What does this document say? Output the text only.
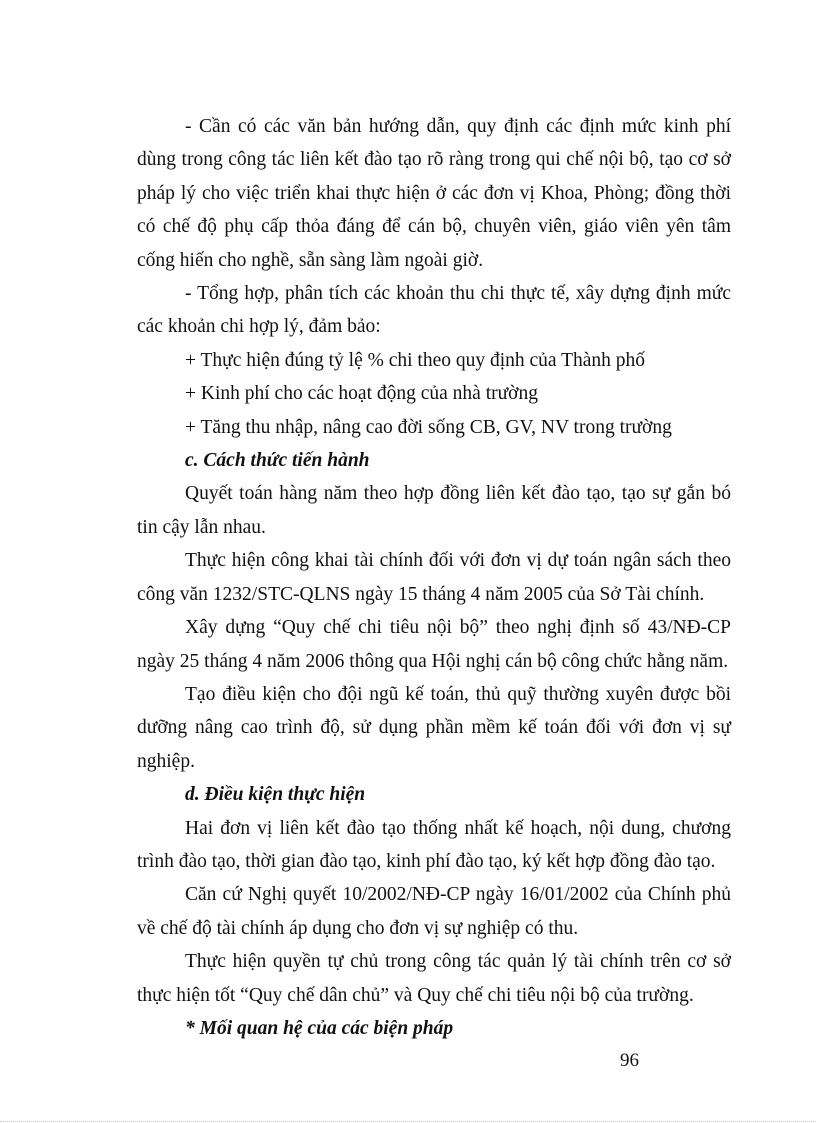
- Cần có các văn bản hướng dẫn, quy định các định mức kinh phí dùng trong công tác liên kết đào tạo rõ ràng trong qui chế nội bộ, tạo cơ sở pháp lý cho việc triển khai thực hiện ở các đơn vị Khoa, Phòng; đồng thời có chế độ phụ cấp thỏa đáng để cán bộ, chuyên viên, giáo viên yên tâm cống hiến cho nghề, sẵn sàng làm ngoài giờ.

- Tổng hợp, phân tích các khoản thu chi thực tế, xây dựng định mức các khoản chi hợp lý, đảm bảo:

+ Thực hiện đúng tỷ lệ % chi theo quy định của Thành phố

+ Kinh phí cho các hoạt động của nhà trường

+ Tăng thu nhập, nâng cao đời sống CB, GV, NV trong trường

c. Cách thức tiến hành

Quyết toán hàng năm theo hợp đồng liên kết đào tạo, tạo sự gắn bó tin cậy lẫn nhau.

Thực hiện công khai tài chính đối với đơn vị dự toán ngân sách theo công văn 1232/STC-QLNS ngày 15 tháng 4 năm 2005 của Sở Tài chính.

Xây dựng “Quy chế chi tiêu nội bộ” theo nghị định số 43/NĐ-CP ngày 25 tháng 4 năm 2006 thông qua Hội nghị cán bộ công chức hằng năm.

Tạo điều kiện cho đội ngũ kế toán, thủ quỹ thường xuyên được bồi dưỡng nâng cao trình độ, sử dụng phần mềm kế toán đối với đơn vị sự nghiệp.

d. Điều kiện thực hiện

Hai đơn vị liên kết đào tạo thống nhất kế hoạch, nội dung, chương trình đào tạo, thời gian đào tạo, kinh phí đào tạo, ký kết hợp đồng đào tạo.

Căn cứ Nghị quyết 10/2002/NĐ-CP ngày 16/01/2002 của Chính phủ về chế độ tài chính áp dụng cho đơn vị sự nghiệp có thu.

Thực hiện quyền tự chủ trong công tác quản lý tài chính trên cơ sở thực hiện tốt “Quy chế dân chủ” và Quy chế chi tiêu nội bộ của trường.

* Mối quan hệ của các biện pháp

96
